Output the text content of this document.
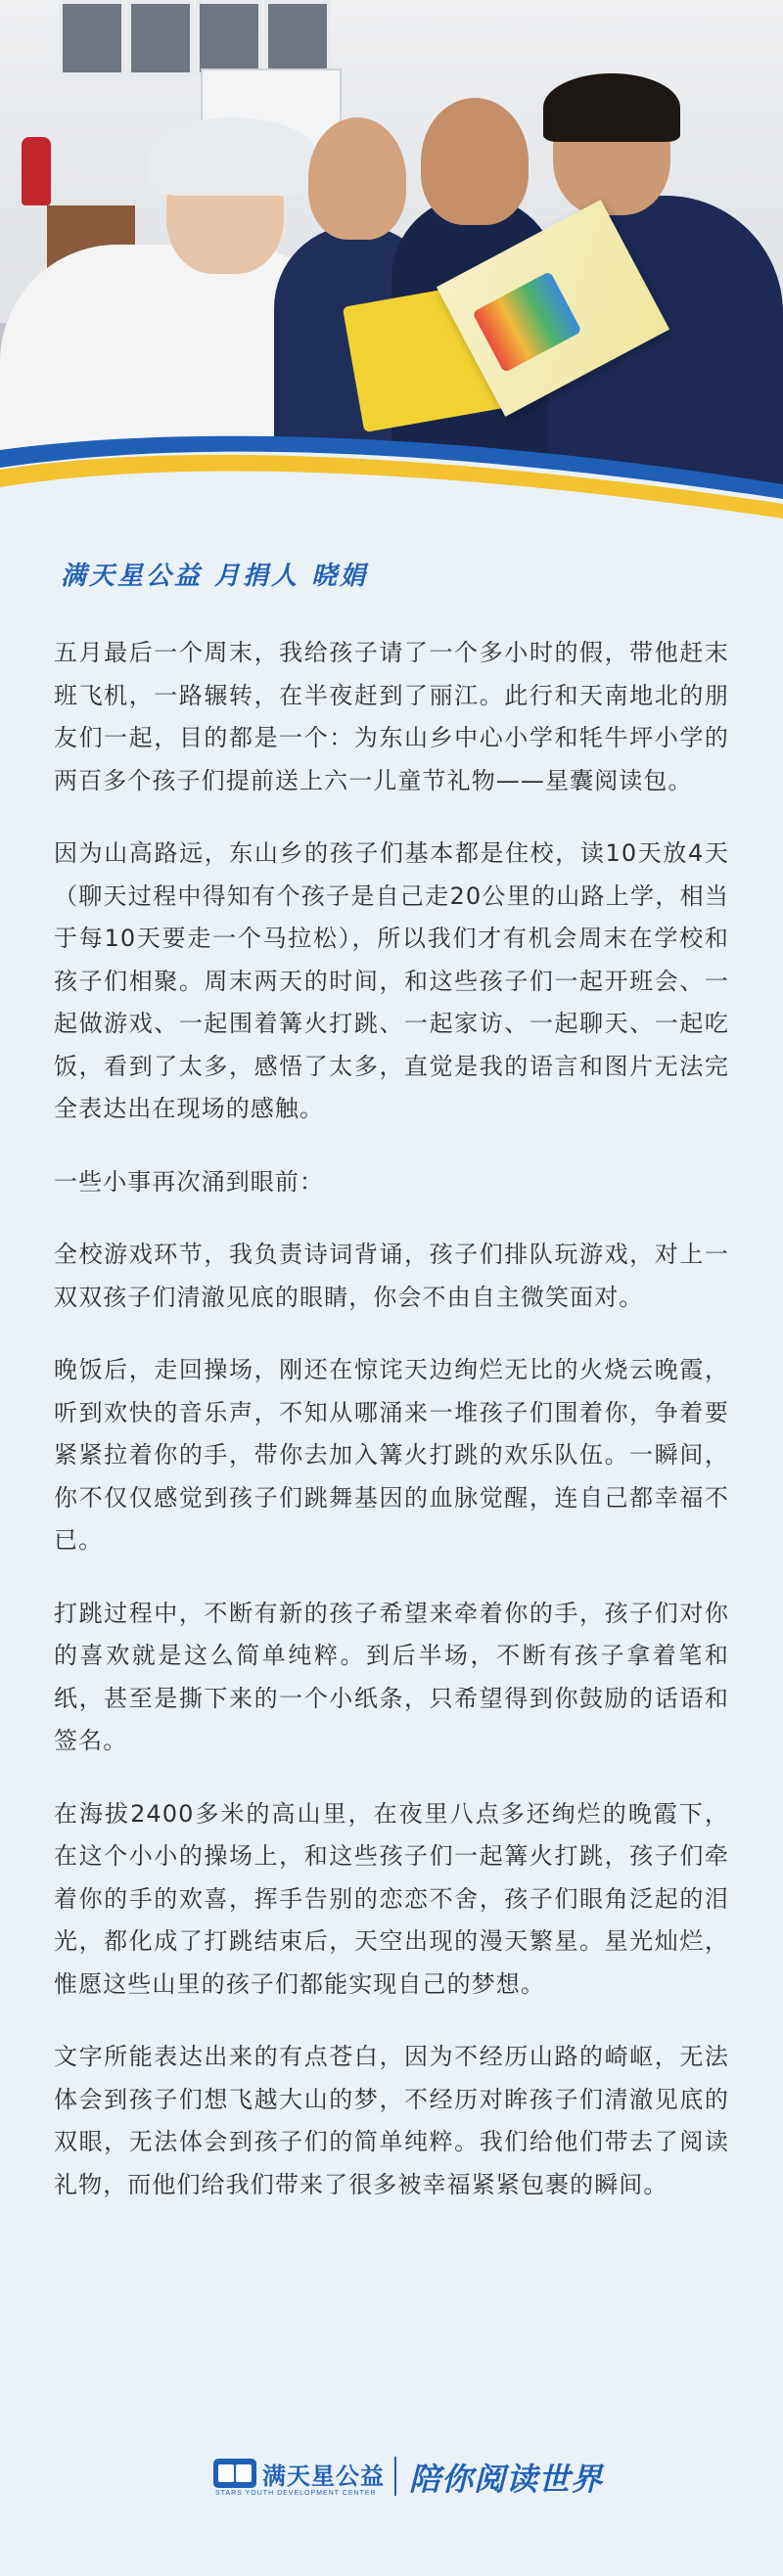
满天星公益 月捐人 晓娟

五月最后一个周末，我给孩子请了一个多小时的假，带他赶末班飞机，一路辗转，在半夜赶到了丽江。此行和天南地北的朋友们一起，目的都是一个：为东山乡中心小学和牦牛坪小学的两百多个孩子们提前送上六一儿童节礼物——星囊阅读包。

因为山高路远，东山乡的孩子们基本都是住校，读10天放4天（聊天过程中得知有个孩子是自己走20公里的山路上学，相当于每10天要走一个马拉松），所以我们才有机会周末在学校和孩子们相聚。周末两天的时间，和这些孩子们一起开班会、一起做游戏、一起围着篝火打跳、一起家访、一起聊天、一起吃饭，看到了太多，感悟了太多，直觉是我的语言和图片无法完全表达出在现场的感触。

一些小事再次涌到眼前：

全校游戏环节，我负责诗词背诵，孩子们排队玩游戏，对上一双双孩子们清澈见底的眼睛，你会不由自主微笑面对。

晚饭后，走回操场，刚还在惊诧天边绚烂无比的火烧云晚霞，听到欢快的音乐声，不知从哪涌来一堆孩子们围着你，争着要紧紧拉着你的手，带你去加入篝火打跳的欢乐队伍。一瞬间，你不仅仅感觉到孩子们跳舞基因的血脉觉醒，连自己都幸福不已。

打跳过程中，不断有新的孩子希望来牵着你的手，孩子们对你的喜欢就是这么简单纯粹。到后半场，不断有孩子拿着笔和纸，甚至是撕下来的一个小纸条，只希望得到你鼓励的话语和签名。

在海拔2400多米的高山里，在夜里八点多还绚烂的晚霞下，在这个小小的操场上，和这些孩子们一起篝火打跳，孩子们牵着你的手的欢喜，挥手告别的恋恋不舍，孩子们眼角泛起的泪光，都化成了打跳结束后，天空出现的漫天繁星。星光灿烂，惟愿这些山里的孩子们都能实现自己的梦想。

文字所能表达出来的有点苍白，因为不经历山路的崎岖，无法体会到孩子们想飞越大山的梦，不经历对眸孩子们清澈见底的双眼，无法体会到孩子们的简单纯粹。我们给他们带去了阅读礼物，而他们给我们带来了很多被幸福紧紧包裹的瞬间。

满天星公益
STARS YOUTH DEVELOPMENT CENTER 陪你阅读世界
